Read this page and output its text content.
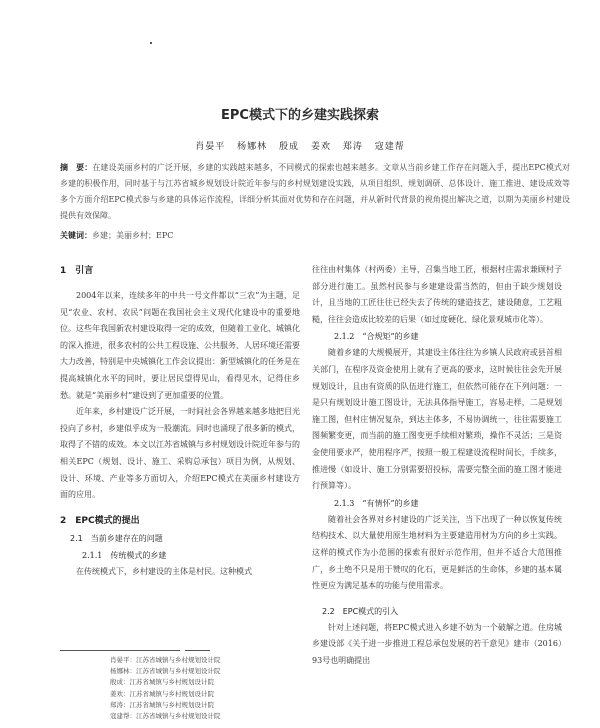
EPC模式下的乡建实践探索
肖晏平 杨娜林 殷成 姜欢 郑涛 寇建帮
摘　要：在建设美丽乡村的广泛开展，乡建的实践越来越多，不同模式的探索也越来越多。文章从当前乡建工作存在问题入手，提出EPC模式对乡建的积极作用，同时基于与江苏省城乡规划设计院近年参与的乡村规划建设实践，从项目组织、规划调研、总体设计、施工推进、建设成效等多个方面介绍EPC模式参与乡建的具体运作流程，详细分析其面对优势和存在问题，并从新时代背景的视角提出解决之道，以期为美丽乡村建设提供有效保障。
关键词：乡建；美丽乡村；EPC
1　引言

2004年以来，连续多年的中共一号文件都以“三农”为主题，足见“农业、农村、农民”问题在我国社会主义现代化建设中的重要地位。这些年我国新农村建设取得一定的成效，但随着工业化、城镇化的深入推进，很多农村的公共工程设施、公共服务、人居环境还需要大力改善，特别是中央城镇化工作会议提出：新型城镇化的任务是在提高城镇化水平的同时，要让居民望得见山，看得见水，记得住乡愁。就是“美丽乡村”建设到了更加重要的位置。

近年来，乡村建设广泛开展，一时间社会各界越来越多地把目光投向了乡村，乡建似乎成为一股潮流。同时也涌现了很多新的模式，取得了不错的成效。本文以江苏省城镇与乡村规划设计院近年参与的相关EPC（规划、设计、施工、采购总承包）项目为例，从规划、设计、环境、产业等多方面切入，介绍EPC模式在美丽乡村建设方面的应用。

2　EPC模式的提出
2.1　当前乡建存在的问题
2.1.1　传统模式的乡建

在传统模式下，乡村建设的主体是村民。这种模式

往往由村集体（村两委）主导，召集当地工匠，根据村庄需求兼顾村子部分进行施工。虽然村民参与乡建建设需当然的，但由于缺少规划设计，且当地的工匠往往已经失去了传统的建造技艺，建设随意，工艺粗糙，往往会造成比较差的后果（如过度硬化、绿化景观城市化等）。

2.1.2　“合规矩”的乡建

随着乡建的大规模展开，其建设主体往往为乡镇人民政府或县首相关部门，在程序及资金使用上就有了更高的要求，这时候往往会先开展规划设计，且由有资质的队伍进行施工，但依然可能存在下列问题：一是只有规划设计施工图设计，无法具体指导施工，容易走样，二是规划施工图，但村庄情况复杂，到达主体多，不易协调统一，往往需要施工图频繁变更，而当前的施工图变更手续相对繁琐，操作不灵活；三是资金使用要求严，使用程序严，按照一般工程建设流程时间长，手续多，推进慢（如设计、施工分别需要招投标，需要完整全面的施工图才能进行预算等）。

2.1.3　“有情怀”的乡建

随着社会各界对乡村建设的广泛关注，当下出现了一种以恢复传统结构技术、以大量使用原生地材料为主要建造用材为方向的乡土实践。这样的模式作为小范围的探索有很好示范作用，但并不适合大范围推广，乡土绝不只是用于赞叹的化石，更是鲜活的生命体，乡建的基本属性更应为满足基本的功能与使用需求。

2.2　EPC模式的引入

针对上述问题，将EPC模式进入乡建不妨为一个破解之道。住房城乡建设部《关于进一步推进工程总承包发展的若干意见》建市（2016）93号也明确提出

肖晏平：江苏省城镇与乡村规划设计院
杨娜林：江苏省城镇与乡村规划设计院
殷成：江苏省城镇与乡村规划设计院
姜欢：江苏省城镇与乡村规划设计院
郑涛：江苏省城镇与乡村规划设计院
寇建帮：江苏省城镇与乡村规划设计院
